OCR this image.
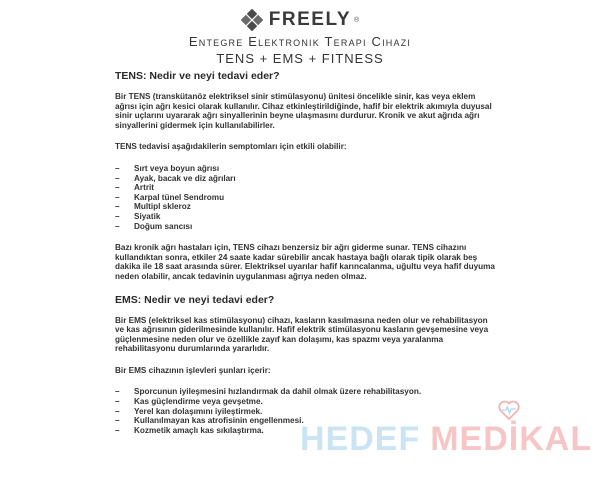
FREELY ®
Entegre Elektronik Terapi Cihazı
TENS + EMS + FITNESS
TENS: Nedir ve neyi tedavi eder?

Bir TENS (transkütanöz elektriksel sinir stimülasyonu) ünitesi öncelikle sinir, kas veya eklem ağrısı için ağrı kesici olarak kullanılır. Cihaz etkinleştirildiğinde, hafif bir elektrik akımıyla duyusal sinir uçlarını uyararak ağrı sinyallerinin beyne ulaşmasını durdurur. Kronik ve akut ağrıda ağrı sinyallerini gidermek için kullanılabilirler.

TENS tedavisi aşağıdakilerin semptomları için etkili olabilir:

–	Sırt veya boyun ağrısı
–	Ayak, bacak ve diz ağrıları
–	Artrit
–	Karpal tünel Sendromu
–	Multipl skleroz
–	Siyatik
–	Doğum sancısı

Bazı kronik ağrı hastaları için, TENS cihazı benzersiz bir ağrı giderme sunar. TENS cihazını kullandıktan sonra, etkiler 24 saate kadar sürebilir ancak hastaya bağlı olarak tipik olarak beş dakika ile 18 saat arasında sürer. Elektriksel uyarılar hafif karıncalanma, uğultu veya hafif duyuma neden olabilir, ancak tedavinin uygulanması ağrıya neden olmaz.

EMS: Nedir ve neyi tedavi eder?

Bir EMS (elektriksel kas stimülasyonu) cihazı, kasların kasılmasına neden olur ve rehabilitasyon ve kas ağrısının giderilmesinde kullanılır. Hafif elektrik stimülasyonu kasların gevşemesine veya güçlenmesine neden olur ve özellikle zayıf kan dolaşımı, kas spazmı veya yaralanma rehabilitasyonu durumlarında yararlıdır.

Bir EMS cihazının işlevleri şunları içerir:

–	Sporcunun iyileşmesini hızlandırmak da dahil olmak üzere rehabilitasyon.
–	Kas güçlendirme veya gevşetme.
–	Yerel kan dolaşımını iyileştirmek.
–	Kullanılmayan kas atrofisinin engellenmesi.
–	Kozmetik amaçlı kas sıkılaştırma. HEDEF MEDİKAL
